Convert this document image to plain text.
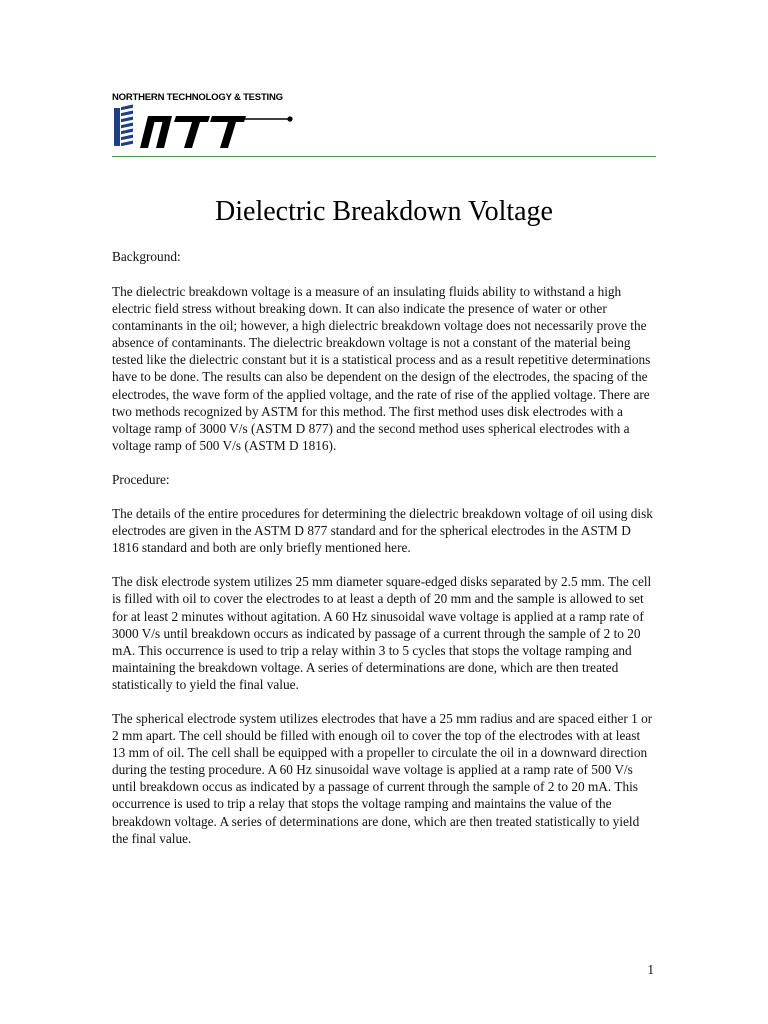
NORTHERN TECHNOLOGY & TESTING
NTT
Dielectric Breakdown Voltage

Background:

The dielectric breakdown voltage is a measure of an insulating fluids ability to withstand a high electric field stress without breaking down. It can also indicate the presence of water or other contaminants in the oil; however, a high dielectric breakdown voltage does not necessarily prove the absence of contaminants. The dielectric breakdown voltage is not a constant of the material being tested like the dielectric constant but it is a statistical process and as a result repetitive determinations have to be done. The results can also be dependent on the design of the electrodes, the spacing of the electrodes, the wave form of the applied voltage, and the rate of rise of the applied voltage. There are two methods recognized by ASTM for this method. The first method uses disk electrodes with a voltage ramp of 3000 V/s (ASTM D 877) and the second method uses spherical electrodes with a voltage ramp of 500 V/s (ASTM D 1816).

Procedure:

The details of the entire procedures for determining the dielectric breakdown voltage of oil using disk electrodes are given in the ASTM D 877 standard and for the spherical electrodes in the ASTM D 1816 standard and both are only briefly mentioned here.

The disk electrode system utilizes 25 mm diameter square-edged disks separated by 2.5 mm. The cell is filled with oil to cover the electrodes to at least a depth of 20 mm and the sample is allowed to set for at least 2 minutes without agitation. A 60 Hz sinusoidal wave voltage is applied at a ramp rate of 3000 V/s until breakdown occurs as indicated by passage of a current through the sample of 2 to 20 mA. This occurrence is used to trip a relay within 3 to 5 cycles that stops the voltage ramping and maintaining the breakdown voltage. A series of determinations are done, which are then treated statistically to yield the final value.

The spherical electrode system utilizes electrodes that have a 25 mm radius and are spaced either 1 or 2 mm apart. The cell should be filled with enough oil to cover the top of the electrodes with at least 13 mm of oil. The cell shall be equipped with a propeller to circulate the oil in a downward direction during the testing procedure. A 60 Hz sinusoidal wave voltage is applied at a ramp rate of 500 V/s until breakdown occus as indicated by a passage of current through the sample of 2 to 20 mA. This occurrence is used to trip a relay that stops the voltage ramping and maintains the value of the breakdown voltage. A series of determinations are done, which are then treated statistically to yield the final value.

1
